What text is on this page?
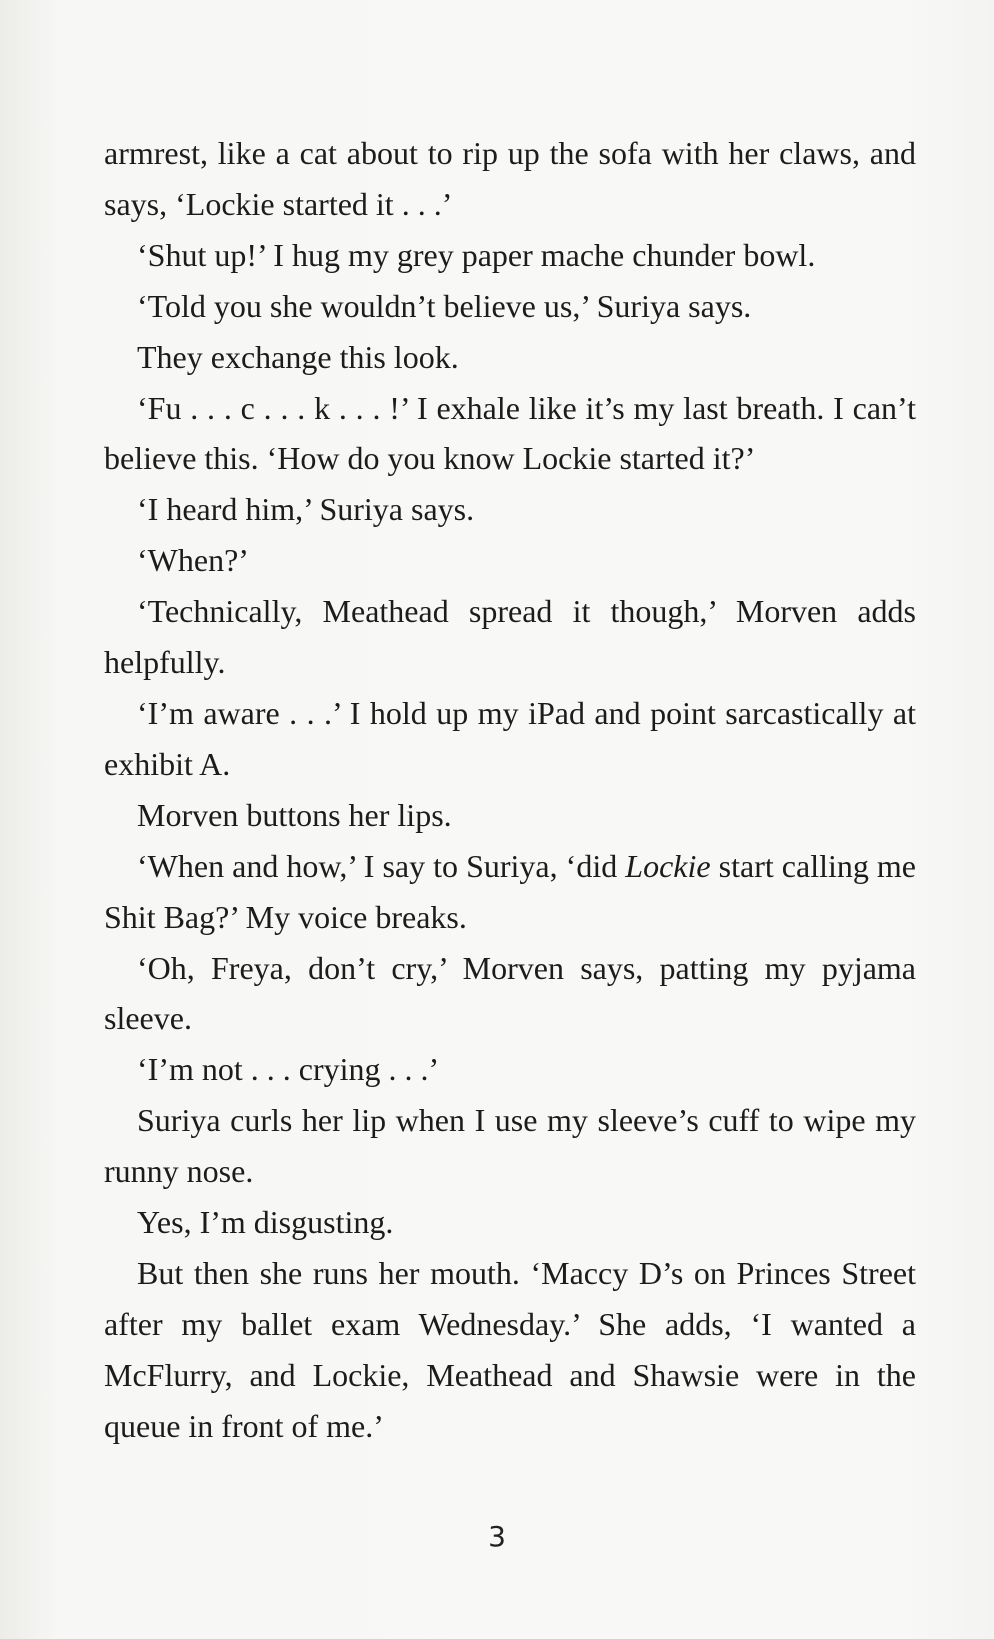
armrest, like a cat about to rip up the sofa with her claws, and says, ‘Lockie started it . . .’

‘Shut up!’ I hug my grey paper mache chunder bowl.

‘Told you she wouldn’t believe us,’ Suriya says.

They exchange this look.

‘Fu . . . c . . . k . . . !’ I exhale like it’s my last breath. I can’t believe this. ‘How do you know Lockie started it?’

‘I heard him,’ Suriya says.

‘When?’

‘Technically, Meathead spread it though,’ Morven adds helpfully.

‘I’m aware . . .’ I hold up my iPad and point sarcastically at exhibit A.

Morven buttons her lips.

‘When and how,’ I say to Suriya, ‘did Lockie start calling me Shit Bag?’ My voice breaks.

‘Oh, Freya, don’t cry,’ Morven says, patting my pyjama sleeve.

‘I’m not . . . crying . . .’

Suriya curls her lip when I use my sleeve’s cuff to wipe my runny nose.

Yes, I’m disgusting.

But then she runs her mouth. ‘Maccy D’s on Princes Street after my ballet exam Wednesday.’ She adds, ‘I wanted a McFlurry, and Lockie, Meathead and Shawsie were in the queue in front of me.’

3
